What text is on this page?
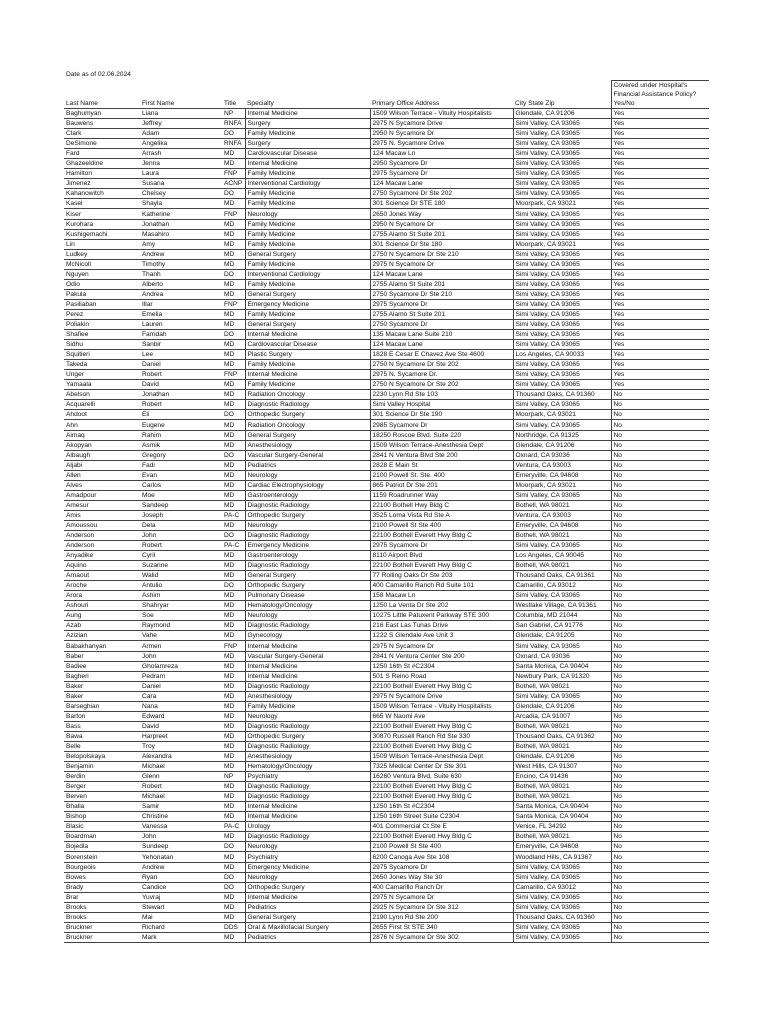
Date as of 02.06.2024
Last Name	First Name	Title	Specialty	Primary Office Address	City State Zip	Covered under Hospital's Financial Assistance Policy? Yes/No
Baghumyan	Liana	NP	Internal Medicine	1509 Wilson Terrace - Vituity Hospitalists	Glendale, CA 91206	Yes
Bauwens	Jeffrey	RNFA	Surgery	2975 N Sycamore Drive	Simi Valley, CA 93065	Yes
Clark	Adam	DO	Family Medicine	2950 N Sycamore Dr	Simi Valley, CA 93065	Yes
DeSimone	Angelika	RNFA	Surgery	2975 N. Sycamore Drive	Simi Valley, CA 93065	Yes
Fard	Arrash	MD	Cardiovascular Disease	124 Macaw Ln	Simi Valley, CA 93065	Yes
Ghazeeldine	Jenna	MD	Internal Medicine	2950 Sycamore Dr	Simi Valley, CA 93065	Yes
Hamilton	Laura	FNP	Family Medicine	2975 Sycamore Dr	Simi Valley, CA 93065	Yes
Jimenez	Susana	ACNP	Interventional Cardiology	124 Macaw Lane	Simi Valley, CA 93065	Yes
Kahanowitch	Chelsey	DO	Family Medicine	2750 Sycamore Dr Ste 202	Simi Valley, CA 93065	Yes
Kasel	Shayla	MD	Family Medicine	301 Science Dr STE 180	Moorpark, CA 93021	Yes
Kiser	Katherine	FNP	Neurology	2650 Jones Way	Simi Valley, CA 93065	Yes
Kurohara	Jonathan	MD	Family Medicine	2950 N Sycamore Dr	Simi Valley, CA 93065	Yes
Kushigemachi	Masahiro	MD	Family Medicine	2755 Alamo St Suite 201	Simi Valley, CA 93065	Yes
Lin	Amy	MD	Family Medicine	301 Science Dr Ste 180	Moorpark, CA 93021	Yes
Ludkey	Andrew	MD	General Surgery	2750 N Sycamore Dr Ste 210	Simi Valley, CA 93065	Yes
McNicoll	Timothy	MD	Family Medicine	2975 N Sycamore Dr	Simi Valley, CA 93065	Yes
Nguyen	Thanh	DO	Interventional Cardiology	124 Macaw Lane	Simi Valley, CA 93065	Yes
Odio	Alberto	MD	Family Medicine	2755 Alamo St Suite 201	Simi Valley, CA 93065	Yes
Pakula	Andrea	MD	General Surgery	2750 Sycamore Dr Ste 210	Simi Valley, CA 93065	Yes
Pasiliaban	Illar	FNP	Emergency Medicine	2975 Sycamore Dr	Simi Valley, CA 93065	Yes
Perez	Emelia	MD	Family Medicine	2755 Alamo St Suite 201	Simi Valley, CA 93065	Yes
Poliakin	Lauren	MD	General Surgery	2750 Sycamore Dr	Simi Valley, CA 93065	Yes
Shafiee	Farridah	DO	Internal Medicine	135 Macaw Lane Suite 210	Simi Valley, CA 93065	Yes
Sidhu	Sanbir	MD	Cardiovascular Disease	124 Macaw Lane	Simi Valley, CA 93065	Yes
Squitieri	Lee	MD	Plastic Surgery	1828 E Cesar E Chavez Ave Ste 4600	Los Angeles, CA 90033	Yes
Takeda	Daniel	MD	Family Medicine	2750 N Sycamore Dr Ste 202	Simi Valley, CA 93065	Yes
Unger	Robert	FNP	Internal Medicine	2975 N. Sycamore Dr.	Simi Valley, CA 93065	Yes
Yamaala	David	MD	Family Medicine	2750 N Sycamore Dr Ste 202	Simi Valley, CA 93065	Yes
Abelson	Jonathan	MD	Radiation Oncology	2230 Lynn Rd Ste 103	Thousand Oaks, CA 91360	No
Acquarelli	Robert	MD	Diagnostic Radiology	Simi Valley Hospital	Simi Valley, CA 93065	No
Ahdoot	Eli	DO	Orthopedic Surgery	301 Science Dr Ste 190	Moorpark, CA 93021	No
Ahn	Eugene	MD	Radiation Oncology	2985 Sycamore Dr	Simi Valley, CA 93065	No
Aimaq	Rahim	MD	General Surgery	18250 Roscoe Blvd. Suite 220	Northridge, CA 91325	No
Akopyan	Asmik	MD	Anesthesiology	1509 Wilson Terrace-Anesthesia Dept	Glendale, CA 91206	No
Albaugh	Gregory	DO	Vascular Surgery-General	2841 N Ventura Blvd Ste 200	Oxnard, CA 93036	No
Aljabi	Fadi	MD	Pediatrics	2828 E Main St	Ventura, CA 93003	No
Allen	Evan	MD	Neurology	2100 Powell St. Ste. 400	Emeryville, CA 94608	No
Alves	Carlos	MD	Cardiac Electrophysiology	865 Patriot Dr Ste 201	Moorpark, CA 93021	No
Amadpour	Moe	MD	Gastroenterology	1159 Roadrunner Way	Simi Valley, CA 93065	No
Amesur	Sandeep	MD	Diagnostic Radiology	22100 Bothell Hwy Bldg C	Bothell, WA 98021	No
Amis	Joseph	PA-C	Orthopedic Surgery	3525 Loma Vista Rd Ste A	Ventura, CA 93003	No
Amoussou	Dela	MD	Neurology	2100 Powell St Ste 400	Emeryville, CA 94608	No
Anderson	John	DO	Diagnostic Radiology	22100 Bothell Everett Hwy Bldg C	Bothell, WA 98021	No
Anderson	Robert	PA-C	Emergency Medicine	2975 Sycamore Dr	Simi Valley, CA 93065	No
Anyadike	Cyril	MD	Gastroenterology	8110 Airport Blvd	Los Angeles, CA 90045	No
Aquino	Suzanne	MD	Diagnostic Radiology	22100 Bothell Everett Hwy Bldg C	Bothell, WA 98021	No
Arnaout	Walid	MD	General Surgery	77 Rolling Oaks Dr Ste 203	Thousand Oaks, CA 91361	No
Aroche	Antulio	DO	Orthopedic Surgery	400 Camarillo Ranch Rd Suite 101	Camarillo, CA 93012	No
Arora	Ashim	MD	Pulmonary Disease	158 Macaw Ln	Simi Valley, CA 93065	No
Ashouri	Shahryar	MD	Hematology/Oncology	1250 La Venta Dr Ste 202	Westlake Village, CA 91361	No
Aung	Soe	MD	Neurology	10275 Little Patuxent Parkway STE 300	Columbia, MD 21044	No
Azab	Raymond	MD	Diagnostic Radiology	216 East Las Tunas Drive	San Gabriel, CA 91776	No
Azizian	Vahe	MD	Gynecology	1222 S Glendale Ave Unit 3	Glendale, CA 91205	No
Babakhanyan	Armen	FNP	Internal Medicine	2975 N Sycamore Dr	Simi Valley, CA 93065	No
Baber	John	MD	Vascular Surgery-General	2841 N Ventura Center Ste 200	Oxnard, CA 93036	No
Badiee	Gholamreza	MD	Internal Medicine	1250 16th St #C2304	Santa Monica, CA 90404	No
Bagheri	Pedram	MD	Internal Medicine	501 S Reino Road	Newbury Park, CA 91320	No
Baker	Daniel	MD	Diagnostic Radiology	22100 Bothell Everett Hwy Bldg C	Bothell, WA 98021	No
Baker	Cara	MD	Anesthesiology	2975 N Sycamore Drive	Simi Valley, CA 93065	No
Barseghian	Nana	MD	Family Medicine	1509 Wilson Terrace - Vituity Hospitalists	Glendale, CA 91206	No
Barton	Edward	MD	Neurology	665 W Naomi Ave	Arcadia, CA 91007	No
Bass	David	MD	Diagnostic Radiology	22100 Bothell Everett Hwy Bldg C	Bothell, WA 98021	No
Bawa	Harpreet	MD	Orthopedic Surgery	30870 Russell Ranch Rd Ste 330	Thousand Oaks, CA 91362	No
Belle	Troy	MD	Diagnostic Radiology	22100 Bothell Everett Hwy Bldg C	Bothell, WA 98021	No
Belopolskaya	Alexandra	MD	Anesthesiology	1509 Wilson Terrace-Anesthesia Dept	Glendale, CA 91206	No
Benjamin	Michael	MD	Hematology/Oncology	7325 Medical Center Dr Ste 301	West Hills, CA 91307	No
Berdin	Glenn	NP	Psychiatry	16260 Ventura Blvd, Suite 630	Encino, CA 91436	No
Berger	Robert	MD	Diagnostic Radiology	22100 Bothell Everett Hwy Bldg C	Bothell, WA 98021	No
Berven	Michael	MD	Diagnostic Radiology	22100 Bothell Everett Hwy Bldg C	Bothell, WA 98021	No
Bhalla	Samir	MD	Internal Medicine	1250 16th St #C2304	Santa Monica, CA 90404	No
Bishop	Christine	MD	Internal Medicine	1250 16th Street Suite C2304	Santa Monica, CA 90404	No
Blasic	Vanessa	PA-C	Urology	401 Commercial Ct Ste E	Venice, FL 34292	No
Boardman	John	MD	Diagnostic Radiology	22100 Bothell Everett Hwy Bldg C	Bothell, WA 98021	No
Bojedla	Sundeep	DO	Neurology	2100 Powell St Ste 400	Emeryville, CA 94608	No
Borenstein	Yehonatan	MD	Psychiatry	6200 Canoga Ave Ste 108	Woodland Hills, CA 91367	No
Bourgeois	Andrew	MD	Emergency Medicine	2975 Sycamore Dr	Simi Valley, CA 93065	No
Bowes	Ryan	DO	Neurology	2650 Jones Way Ste 30	Simi Valley, CA 93065	No
Brady	Candice	DO	Orthopedic Surgery	400 Camarillo Ranch Dr	Camarillo, CA 93012	No
Brar	Yuvraj	MD	Internal Medicine	2975 N Sycamore Dr	Simi Valley, CA 93065	No
Brooks	Stewart	MD	Pediatrics	2925 N Sycamore Dr Ste 312	Simi Valley, CA 93065	No
Brooks	Mai	MD	General Surgery	2190 Lynn Rd Ste 200	Thousand Oaks, CA 91360	No
Bruckner	Richard	DDS	Oral & Maxillofacial Surgery	2655 First St STE 340	Simi Valley, CA 93065	No
Bruckner	Mark	MD	Pediatrics	2876 N Sycamore Dr Ste 302	Simi Valley, CA 93065	No
